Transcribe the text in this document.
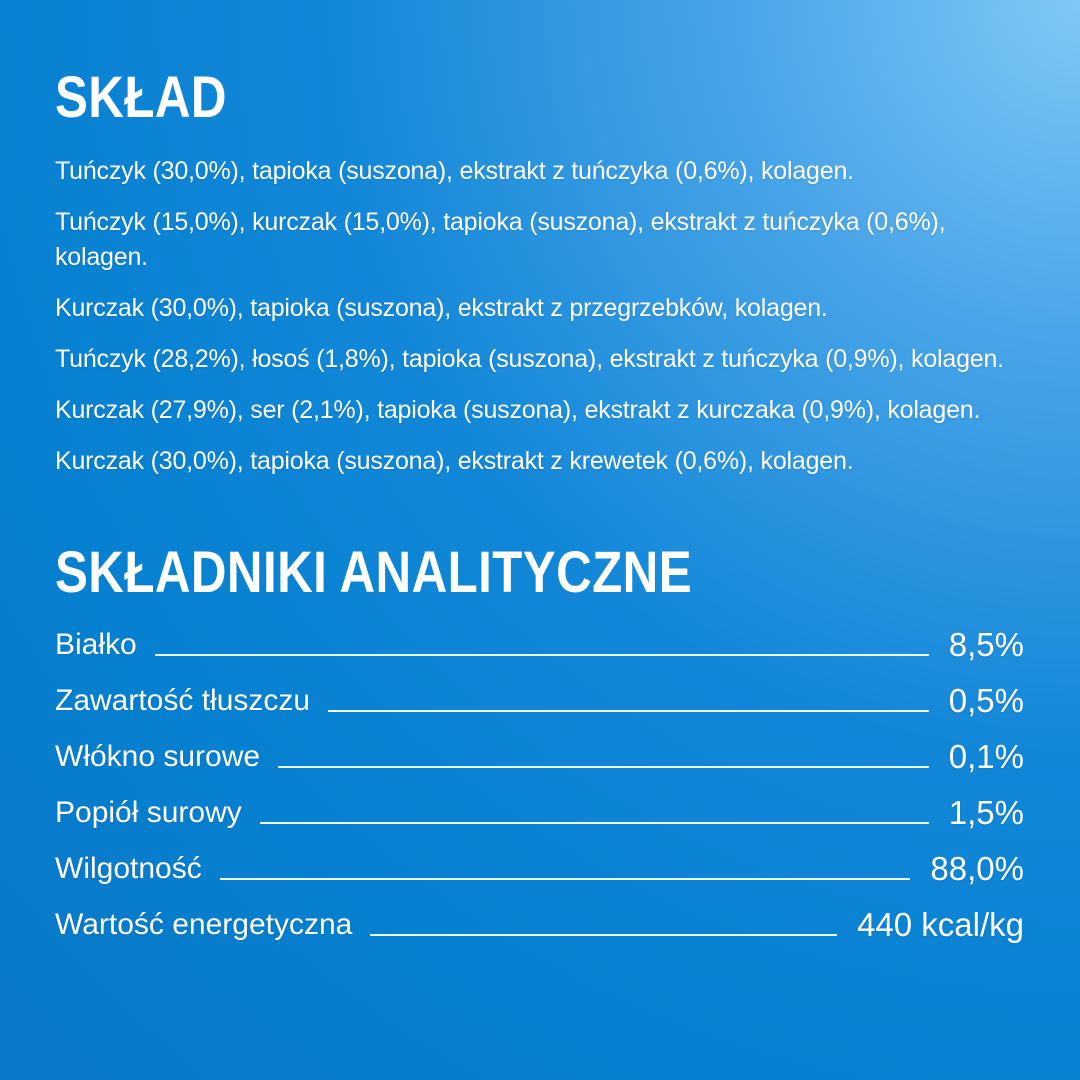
SKŁAD

Tuńczyk (30,0%), tapioka (suszona), ekstrakt z tuńczyka (0,6%), kolagen.

Tuńczyk (15,0%), kurczak (15,0%), tapioka (suszona), ekstrakt z tuńczyka (0,6%), kolagen.

Kurczak (30,0%), tapioka (suszona), ekstrakt z przegrzebków, kolagen.

Tuńczyk (28,2%), łosoś (1,8%), tapioka (suszona), ekstrakt z tuńczyka (0,9%), kolagen.

Kurczak (27,9%), ser (2,1%), tapioka (suszona), ekstrakt z kurczaka (0,9%), kolagen.

Kurczak (30,0%), tapioka (suszona), ekstrakt z krewetek (0,6%), kolagen.

SKŁADNIKI ANALITYCZNE
Białko	8,5%
Zawartość tłuszczu	0,5%
Włókno surowe	0,1%
Popiół surowy	1,5%
Wilgotność	88,0%
Wartość energetyczna	440 kcal/kg
